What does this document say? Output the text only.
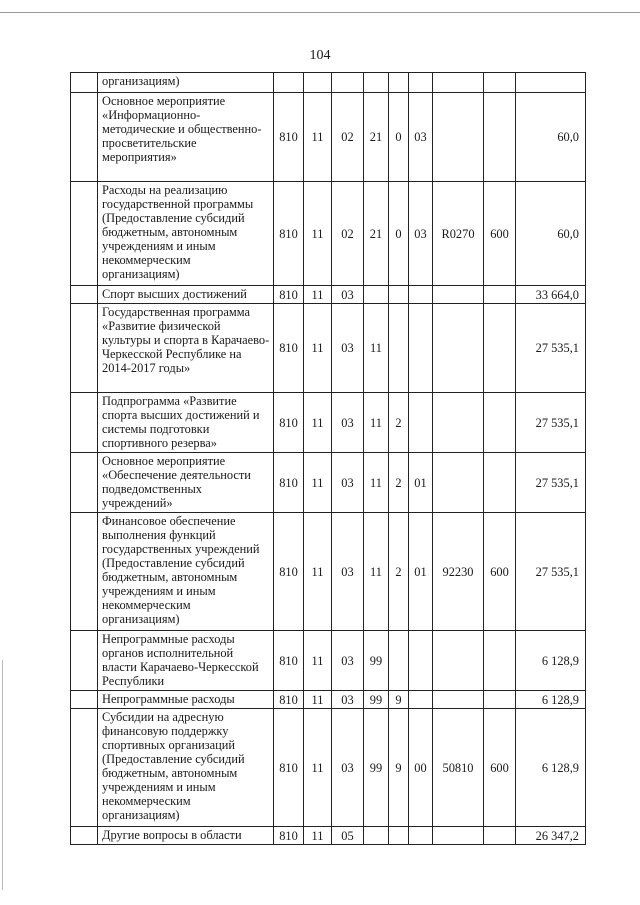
104
	организациям)									
	Основное мероприятие «Информационно-методические и общественно-просветительские мероприятия»	810	11	02	21	0	03			60,0
	Расходы на реализацию государственной программы (Предоставление субсидий бюджетным, автономным учреждениям и иным некоммерческим организациям)	810	11	02	21	0	03	R0270	600	60,0
	Спорт высших достижений	810	11	03						33 664,0
	Государственная программа «Развитие физической культуры и спорта в Карачаево-Черкесской Республике на 2014-2017 годы»	810	11	03	11					27 535,1
	Подпрограмма «Развитие спорта высших достижений и системы подготовки спортивного резерва»	810	11	03	11	2				27 535,1
	Основное мероприятие «Обеспечение деятельности подведомственных учреждений»	810	11	03	11	2	01			27 535,1
	Финансовое обеспечение выполнения функций государственных учреждений (Предоставление субсидий бюджетным, автономным учреждениям и иным некоммерческим организациям)	810	11	03	11	2	01	92230	600	27 535,1
	Непрограммные расходы органов исполнительной власти Карачаево-Черкесской Республики	810	11	03	99					6 128,9
	Непрограммные расходы	810	11	03	99	9				6 128,9
	Субсидии на адресную финансовую поддержку спортивных организаций (Предоставление субсидий бюджетным, автономным учреждениям и иным некоммерческим организациям)	810	11	03	99	9	00	50810	600	6 128,9
	Другие вопросы в области	810	11	05						26 347,2
